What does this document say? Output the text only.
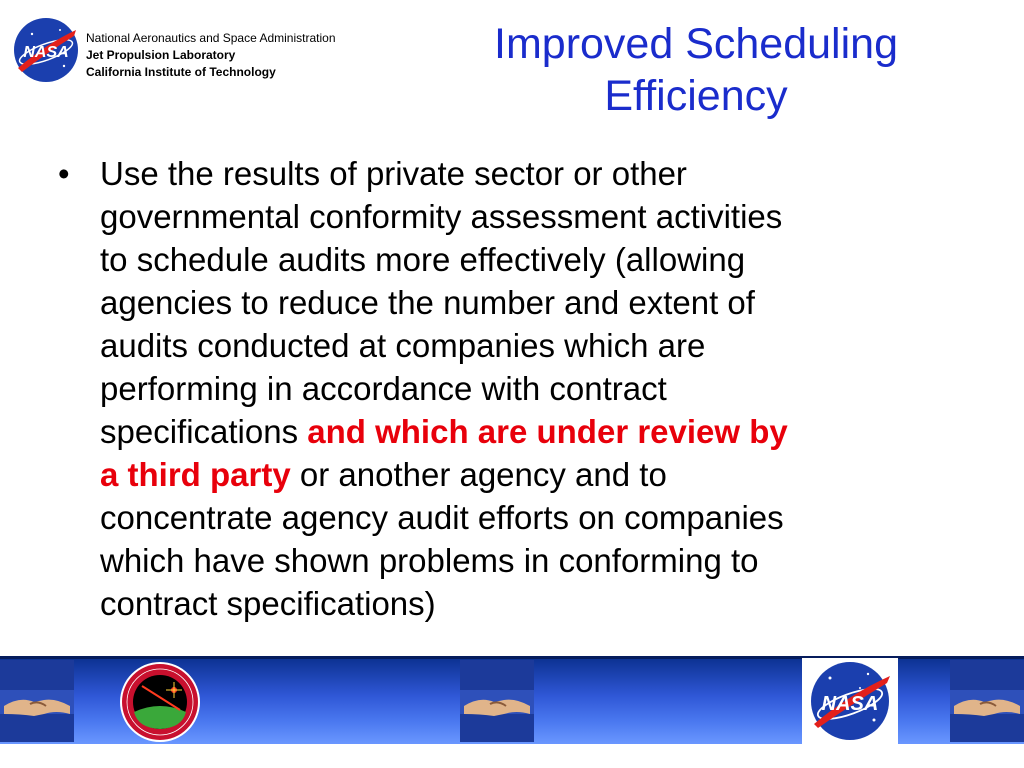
NASA
National Aeronautics and Space Administration
Jet Propulsion Laboratory
California Institute of Technology
Improved Scheduling
Efficiency
• Use the results of private sector or other
governmental conformity assessment activities
to schedule audits more effectively (allowing
agencies to reduce the number and extent of
audits conducted at companies which are
performing in accordance with contract
specifications and which are under review by
a third party or another agency and to
concentrate agency audit efforts on companies
which have shown problems in conforming to
contract specifications)
NASA
